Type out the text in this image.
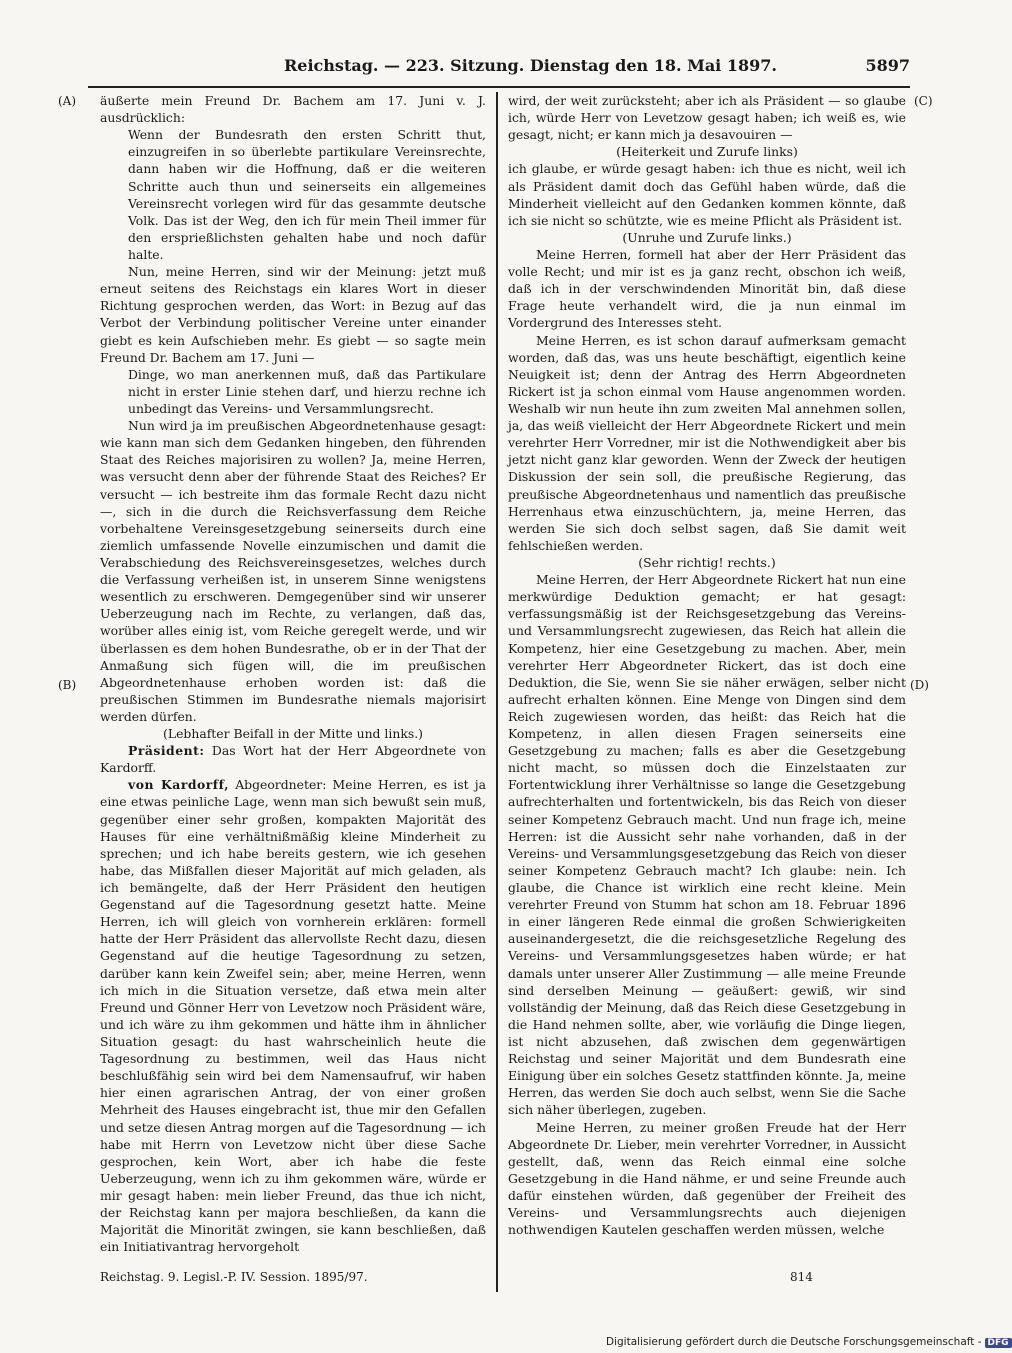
Reichstag. — 223. Sitzung. Dienstag den 18. Mai 1897.	5897
(A)
(B)
(C)
(D)

äußerte mein Freund Dr. Bachem am 17. Juni v. J. ausdrücklich:

Wenn der Bundesrath den ersten Schritt thut, einzugreifen in so überlebte partikulare Vereinsrechte, dann haben wir die Hoffnung, daß er die weiteren Schritte auch thun und seinerseits ein allgemeines Vereinsrecht vorlegen wird für das gesammte deutsche Volk. Das ist der Weg, den ich für mein Theil immer für den ersprießlichsten gehalten habe und noch dafür halte.

Nun, meine Herren, sind wir der Meinung: jetzt muß erneut seitens des Reichstags ein klares Wort in dieser Richtung gesprochen werden, das Wort: in Bezug auf das Verbot der Verbindung politischer Vereine unter einander giebt es kein Aufschieben mehr. Es giebt — so sagte mein Freund Dr. Bachem am 17. Juni —

Dinge, wo man anerkennen muß, daß das Partikulare nicht in erster Linie stehen darf, und hierzu rechne ich unbedingt das Vereins- und Versammlungsrecht.

Nun wird ja im preußischen Abgeordnetenhause gesagt: wie kann man sich dem Gedanken hingeben, den führenden Staat des Reiches majorisiren zu wollen? Ja, meine Herren, was versucht denn aber der führende Staat des Reiches? Er versucht — ich bestreite ihm das formale Recht dazu nicht —, sich in die durch die Reichsverfassung dem Reiche vorbehaltene Vereinsgesetzgebung seinerseits durch eine ziemlich umfassende Novelle einzumischen und damit die Verabschiedung des Reichsvereinsgesetzes, welches durch die Verfassung verheißen ist, in unserem Sinne wenigstens wesentlich zu erschweren. Demgegenüber sind wir unserer Ueberzeugung nach im Rechte, zu verlangen, daß das, worüber alles einig ist, vom Reiche geregelt werde, und wir überlassen es dem hohen Bundesrathe, ob er in der That der Anmaßung sich fügen will, die im preußischen Abgeordnetenhause erhoben worden ist: daß die preußischen Stimmen im Bundesrathe niemals majorisirt werden dürfen.

(Lebhafter Beifall in der Mitte und links.)

Präsident: Das Wort hat der Herr Abgeordnete von Kardorff.

von Kardorff, Abgeordneter: Meine Herren, es ist ja eine etwas peinliche Lage, wenn man sich bewußt sein muß, gegenüber einer sehr großen, kompakten Majorität des Hauses für eine verhältnißmäßig kleine Minderheit zu sprechen; und ich habe bereits gestern, wie ich gesehen habe, das Mißfallen dieser Majorität auf mich geladen, als ich bemängelte, daß der Herr Präsident den heutigen Gegenstand auf die Tagesordnung gesetzt hatte. Meine Herren, ich will gleich von vornherein erklären: formell hatte der Herr Präsident das allervollste Recht dazu, diesen Gegenstand auf die heutige Tagesordnung zu setzen, darüber kann kein Zweifel sein; aber, meine Herren, wenn ich mich in die Situation versetze, daß etwa mein alter Freund und Gönner Herr von Levetzow noch Präsident wäre, und ich wäre zu ihm gekommen und hätte ihm in ähnlicher Situation gesagt: du hast wahrscheinlich heute die Tagesordnung zu bestimmen, weil das Haus nicht beschlußfähig sein wird bei dem Namensaufruf, wir haben hier einen agrarischen Antrag, der von einer großen Mehrheit des Hauses eingebracht ist, thue mir den Gefallen und setze diesen Antrag morgen auf die Tagesordnung — ich habe mit Herrn von Levetzow nicht über diese Sache gesprochen, kein Wort, aber ich habe die feste Ueberzeugung, wenn ich zu ihm gekommen wäre, würde er mir gesagt haben: mein lieber Freund, das thue ich nicht, der Reichstag kann per majora beschließen, da kann die Majorität die Minorität zwingen, sie kann beschließen, daß ein Initiativantrag hervorgeholt

wird, der weit zurücksteht; aber ich als Präsident — so glaube ich, würde Herr von Levetzow gesagt haben; ich weiß es, wie gesagt, nicht; er kann mich ja desavouiren —

(Heiterkeit und Zurufe links)

ich glaube, er würde gesagt haben: ich thue es nicht, weil ich als Präsident damit doch das Gefühl haben würde, daß die Minderheit vielleicht auf den Gedanken kommen könnte, daß ich sie nicht so schützte, wie es meine Pflicht als Präsident ist.

(Unruhe und Zurufe links.)

Meine Herren, formell hat aber der Herr Präsident das volle Recht; und mir ist es ja ganz recht, obschon ich weiß, daß ich in der verschwindenden Minorität bin, daß diese Frage heute verhandelt wird, die ja nun einmal im Vordergrund des Interesses steht.

Meine Herren, es ist schon darauf aufmerksam gemacht worden, daß das, was uns heute beschäftigt, eigentlich keine Neuigkeit ist; denn der Antrag des Herrn Abgeordneten Rickert ist ja schon einmal vom Hause angenommen worden. Weshalb wir nun heute ihn zum zweiten Mal annehmen sollen, ja, das weiß vielleicht der Herr Abgeordnete Rickert und mein verehrter Herr Vorredner, mir ist die Nothwendigkeit aber bis jetzt nicht ganz klar geworden. Wenn der Zweck der heutigen Diskussion der sein soll, die preußische Regierung, das preußische Abgeordnetenhaus und namentlich das preußische Herrenhaus etwa einzuschüchtern, ja, meine Herren, das werden Sie sich doch selbst sagen, daß Sie damit weit fehlschießen werden.

(Sehr richtig! rechts.)

Meine Herren, der Herr Abgeordnete Rickert hat nun eine merkwürdige Deduktion gemacht; er hat gesagt: verfassungsmäßig ist der Reichsgesetzgebung das Vereins- und Versammlungsrecht zugewiesen, das Reich hat allein die Kompetenz, hier eine Gesetzgebung zu machen. Aber, mein verehrter Herr Abgeordneter Rickert, das ist doch eine Deduktion, die Sie, wenn Sie sie näher erwägen, selber nicht aufrecht erhalten können. Eine Menge von Dingen sind dem Reich zugewiesen worden, das heißt: das Reich hat die Kompetenz, in allen diesen Fragen seinerseits eine Gesetzgebung zu machen; falls es aber die Gesetzgebung nicht macht, so müssen doch die Einzelstaaten zur Fortentwicklung ihrer Verhältnisse so lange die Gesetzgebung aufrechterhalten und fortentwickeln, bis das Reich von dieser seiner Kompetenz Gebrauch macht. Und nun frage ich, meine Herren: ist die Aussicht sehr nahe vorhanden, daß in der Vereins- und Versammlungsgesetzgebung das Reich von dieser seiner Kompetenz Gebrauch macht? Ich glaube: nein. Ich glaube, die Chance ist wirklich eine recht kleine. Mein verehrter Freund von Stumm hat schon am 18. Februar 1896 in einer längeren Rede einmal die großen Schwierigkeiten auseinandergesetzt, die die reichsgesetzliche Regelung des Vereins- und Versammlungsgesetzes haben würde; er hat damals unter unserer Aller Zustimmung — alle meine Freunde sind derselben Meinung — geäußert: gewiß, wir sind vollständig der Meinung, daß das Reich diese Gesetzgebung in die Hand nehmen sollte, aber, wie vorläufig die Dinge liegen, ist nicht abzusehen, daß zwischen dem gegenwärtigen Reichstag und seiner Majorität und dem Bundesrath eine Einigung über ein solches Gesetz stattfinden könnte. Ja, meine Herren, das werden Sie doch auch selbst, wenn Sie die Sache sich näher überlegen, zugeben.

Meine Herren, zu meiner großen Freude hat der Herr Abgeordnete Dr. Lieber, mein verehrter Vorredner, in Aussicht gestellt, daß, wenn das Reich einmal eine solche Gesetzgebung in die Hand nähme, er und seine Freunde auch dafür einstehen würden, daß gegenüber der Freiheit des Vereins- und Versammlungsrechts auch diejenigen nothwendigen Kautelen geschaffen werden müssen, welche

Reichstag. 9. Legisl.-P. IV. Session. 1895/97.	814
Digitalisierung gefördert durch die Deutsche Forschungsgemeinschaft - DFG
